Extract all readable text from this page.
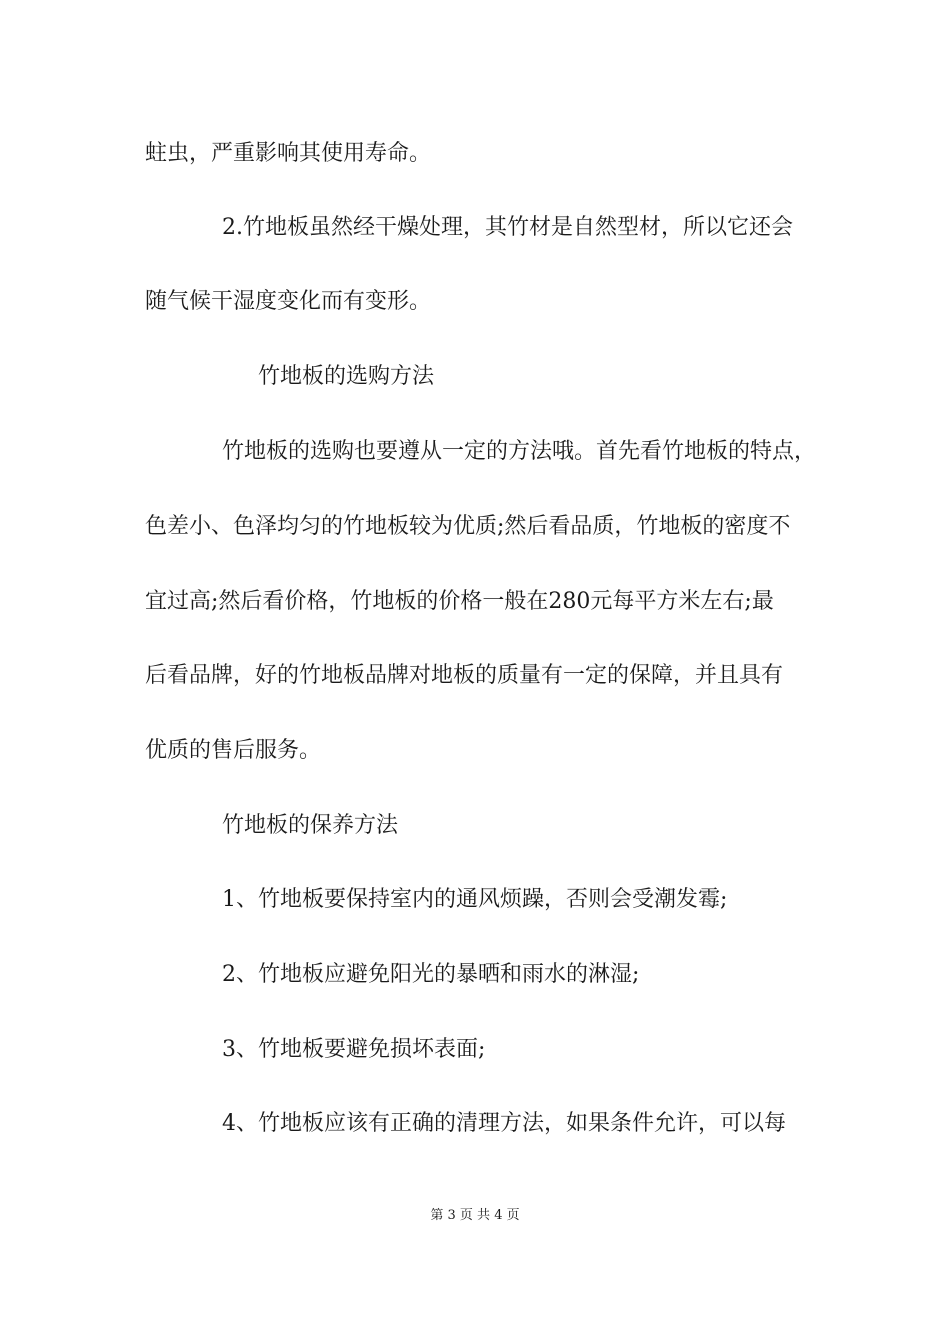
蛀虫，严重影响其使用寿命。

2.竹地板虽然经干燥处理，其竹材是自然型材，所以它还会

随气候干湿度变化而有变形。

竹地板的选购方法

竹地板的选购也要遵从一定的方法哦。首先看竹地板的特点，

色差小、色泽均匀的竹地板较为优质;然后看品质，竹地板的密度不

宜过高;然后看价格，竹地板的价格一般在280元每平方米左右;最

后看品牌，好的竹地板品牌对地板的质量有一定的保障，并且具有

优质的售后服务。

竹地板的保养方法

1、竹地板要保持室内的通风烦躁，否则会受潮发霉;

2、竹地板应避免阳光的暴晒和雨水的淋湿;

3、竹地板要避免损坏表面;

4、竹地板应该有正确的清理方法，如果条件允许，可以每

第 3 页 共 4 页
